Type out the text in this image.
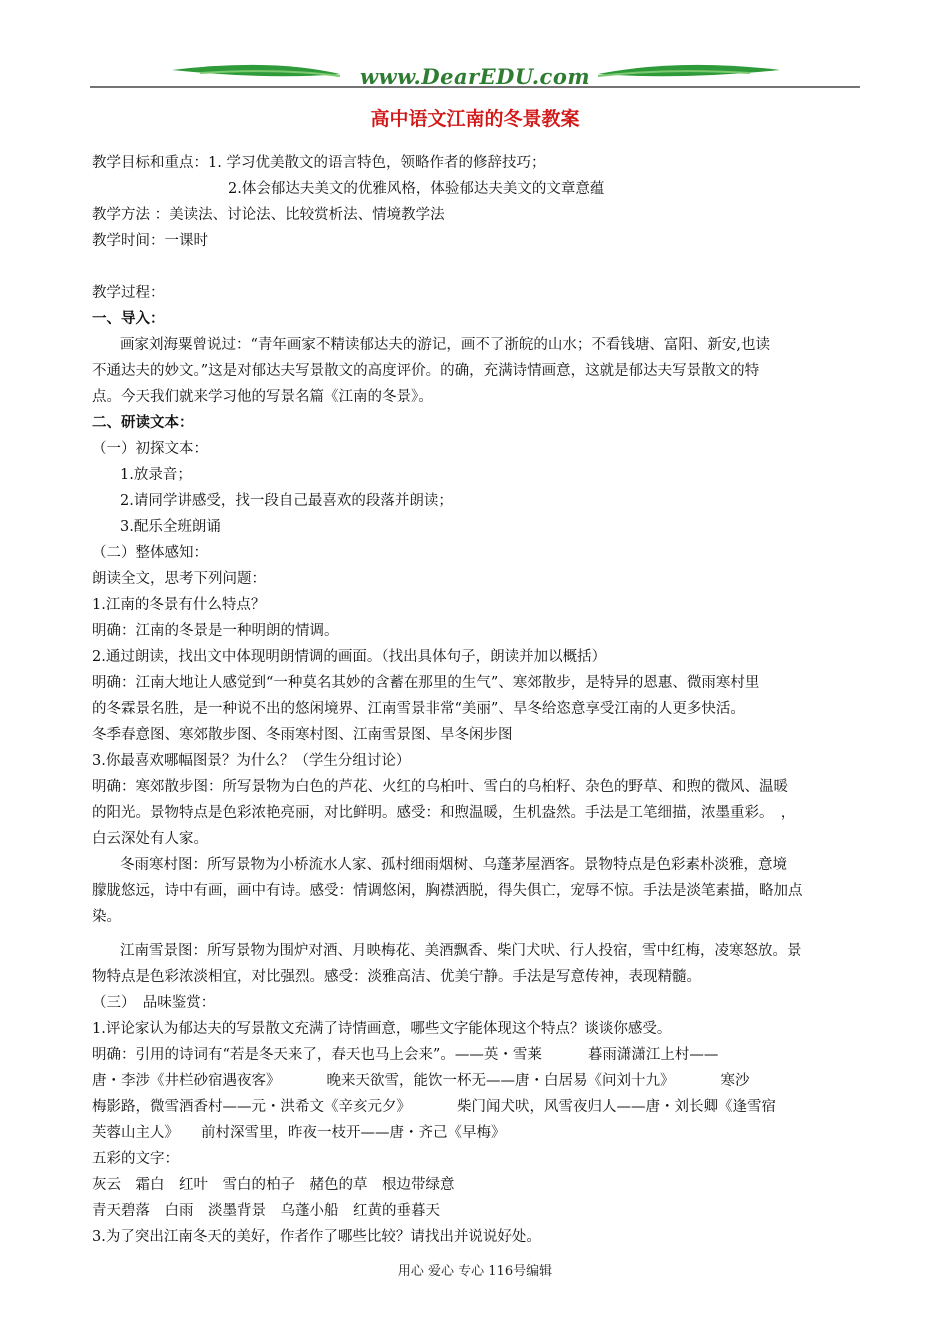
www.DearEDU.com
高中语文江南的冬景教案
教学目标和重点：1. 学习优美散文的语言特色，领略作者的修辞技巧；
2.体会郁达夫美文的优雅风格，体验郁达夫美文的文章意蕴
教学方法 ：美读法、讨论法、比较赏析法、情境教学法
教学时间：一课时
教学过程：
一、导入：
画家刘海粟曾说过：“青年画家不精读郁达夫的游记，画不了浙皖的山水；不看钱塘、富阳、新安,也读
不通达夫的妙文。”这是对郁达夫写景散文的高度评价。的确，充满诗情画意，这就是郁达夫写景散文的特
点。今天我们就来学习他的写景名篇《江南的冬景》。
二、研读文本：
（一）初探文本：
1.放录音；
2.请同学讲感受，找一段自己最喜欢的段落并朗读；
3.配乐全班朗诵
（二）整体感知：
朗读全文，思考下列问题：
1.江南的冬景有什么特点？
明确：江南的冬景是一种明朗的情调。
2.通过朗读，找出文中体现明朗情调的画面。（找出具体句子，朗读并加以概括）
明确：江南大地让人感觉到“一种莫名其妙的含蓄在那里的生气”、寒郊散步，是特异的恩惠、微雨寒村里
的冬霖景名胜，是一种说不出的悠闲境界、江南雪景非常“美丽”、旱冬给恣意享受江南的人更多快活。
冬季春意图、寒郊散步图、冬雨寒村图、江南雪景图、旱冬闲步图
3.你最喜欢哪幅图景？为什么？（学生分组讨论）
明确：寒郊散步图：所写景物为白色的芦花、火红的乌桕叶、雪白的乌桕籽、杂色的野草、和煦的微风、温暖
的阳光。景物特点是色彩浓艳亮丽，对比鲜明。感受：和煦温暖，生机盎然。手法是工笔细描，浓墨重彩。　，
白云深处有人家。
冬雨寒村图：所写景物为小桥流水人家、孤村细雨烟树、乌蓬茅屋酒客。景物特点是色彩素朴淡雅，意境
朦胧悠远，诗中有画，画中有诗。感受：情调悠闲，胸襟洒脱，得失俱亡，宠辱不惊。手法是淡笔素描，略加点
染。
江南雪景图：所写景物为围炉对酒、月映梅花、美酒飘香、柴门犬吠、行人投宿，雪中红梅，凌寒怒放。景
物特点是色彩浓淡相宜，对比强烈。感受：淡雅高洁、优美宁静。手法是写意传神，表现精髓。
（三）　品味鉴赏：
1.评论家认为郁达夫的写景散文充满了诗情画意，哪些文字能体现这个特点？谈谈你感受。
明确：引用的诗词有“若是冬天来了，春天也马上会来”。——英・雪莱	暮雨潇潇江上村——
唐・李涉《井栏砂宿遇夜客》	晚来天欲雪，能饮一杯无——唐・白居易《问刘十九》	寒沙
梅影路，微雪酒香村——元・洪希文《辛亥元夕》	柴门闻犬吠，风雪夜归人——唐・刘长卿《逢雪宿
芙蓉山主人》 前村深雪里，昨夜一枝开——唐・齐己《早梅》
五彩的文字：
灰云　霜白　红叶　雪白的柏子　赭色的草　根边带绿意
青天碧落　白雨　淡墨背景　乌蓬小船　红黄的垂暮天
3.为了突出江南冬天的美好，作者作了哪些比较？请找出并说说好处。
用心 爱心 专心 116号编辑
